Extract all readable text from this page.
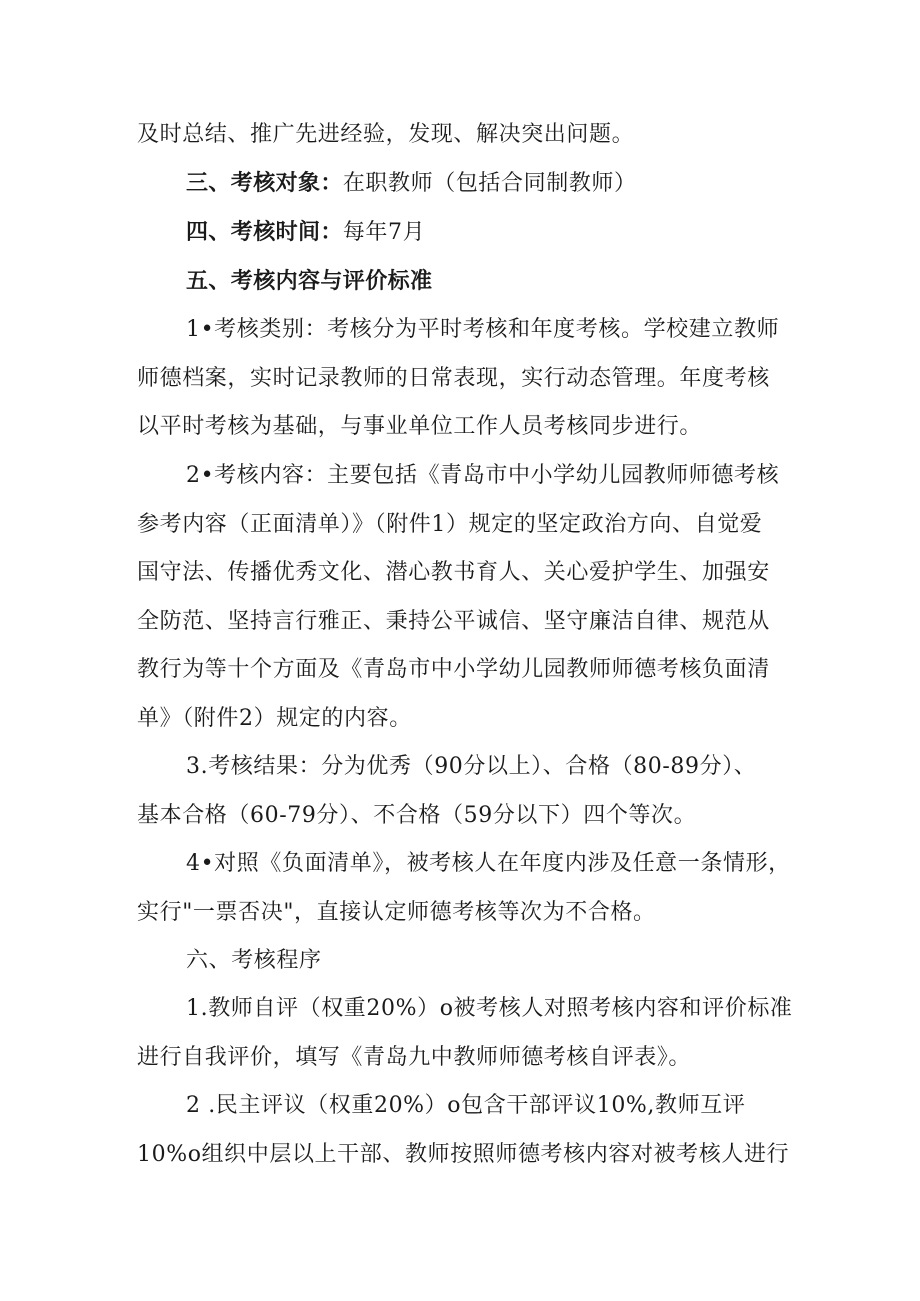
及时总结、推广先进经验，发现、解决突出问题。
三、考核对象：在职教师（包括合同制教师）
四、考核时间：每年7月
五、考核内容与评价标准
1•考核类别：考核分为平时考核和年度考核。学校建立教师
师德档案，实时记录教师的日常表现，实行动态管理。年度考核
以平时考核为基础，与事业单位工作人员考核同步进行。
2•考核内容：主要包括《青岛市中小学幼儿园教师师德考核
参考内容（正面清单）》（附件1）规定的坚定政治方向、自觉爱
国守法、传播优秀文化、潜心教书育人、关心爱护学生、加强安
全防范、坚持言行雅正、秉持公平诚信、坚守廉洁自律、规范从
教行为等十个方面及《青岛市中小学幼儿园教师师德考核负面清
单》（附件2）规定的内容。
3.考核结果：分为优秀（90分以上）、合格（80-89分）、
基本合格（60-79分）、不合格（59分以下）四个等次。
4•对照《负面清单》，被考核人在年度内涉及任意一条情形，
实行"一票否决"，直接认定师德考核等次为不合格。
六、考核程序
1.教师自评（权重20%）o被考核人对照考核内容和评价标准
进行自我评价，填写《青岛九中教师师德考核自评表》。
2 .民主评议（权重20%）o包含干部评议10%,教师互评
10%o组织中层以上干部、教师按照师德考核内容对被考核人进行
